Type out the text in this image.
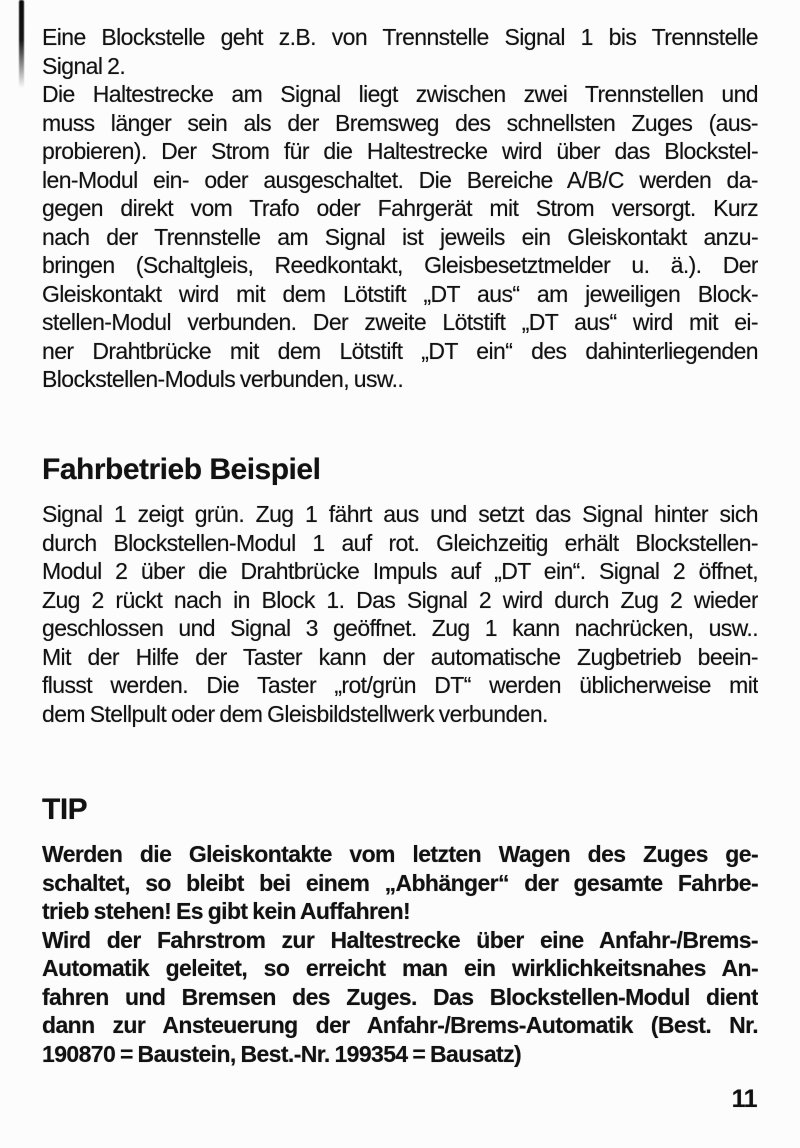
Eine Blockstelle geht z.B. von Trennstelle Signal 1 bis Trennstelle
Signal 2.
Die Haltestrecke am Signal liegt zwischen zwei Trennstellen und
muss länger sein als der Bremsweg des schnellsten Zuges (aus-
probieren). Der Strom für die Haltestrecke wird über das Blockstel-
len-Modul ein- oder ausgeschaltet. Die Bereiche A/B/C werden da-
gegen direkt vom Trafo oder Fahrgerät mit Strom versorgt. Kurz
nach der Trennstelle am Signal ist jeweils ein Gleiskontakt anzu-
bringen (Schaltgleis, Reedkontakt, Gleisbesetztmelder u. ä.). Der
Gleiskontakt wird mit dem Lötstift „DT aus“ am jeweiligen Block-
stellen-Modul verbunden. Der zweite Lötstift „DT aus“ wird mit ei-
ner Drahtbrücke mit dem Lötstift „DT ein“ des dahinterliegenden
Blockstellen-Moduls verbunden, usw..
Fahrbetrieb Beispiel
Signal 1 zeigt grün. Zug 1 fährt aus und setzt das Signal hinter sich
durch Blockstellen-Modul 1 auf rot. Gleichzeitig erhält Blockstellen-
Modul 2 über die Drahtbrücke Impuls auf „DT ein“. Signal 2 öffnet,
Zug 2 rückt nach in Block 1. Das Signal 2 wird durch Zug 2 wieder
geschlossen und Signal 3 geöffnet. Zug 1 kann nachrücken, usw..
Mit der Hilfe der Taster kann der automatische Zugbetrieb beein-
flusst werden. Die Taster „rot/grün DT“ werden üblicherweise mit
dem Stellpult oder dem Gleisbildstellwerk verbunden.
TIP
Werden die Gleiskontakte vom letzten Wagen des Zuges ge-
schaltet, so bleibt bei einem „Abhänger“ der gesamte Fahrbe-
trieb stehen! Es gibt kein Auffahren!
Wird der Fahrstrom zur Haltestrecke über eine Anfahr-/Brems-
Automatik geleitet, so erreicht man ein wirklichkeitsnahes An-
fahren und Bremsen des Zuges. Das Blockstellen-Modul dient
dann zur Ansteuerung der Anfahr-/Brems-Automatik (Best. Nr.
190870 = Baustein, Best.-Nr. 199354 = Bausatz)
11
